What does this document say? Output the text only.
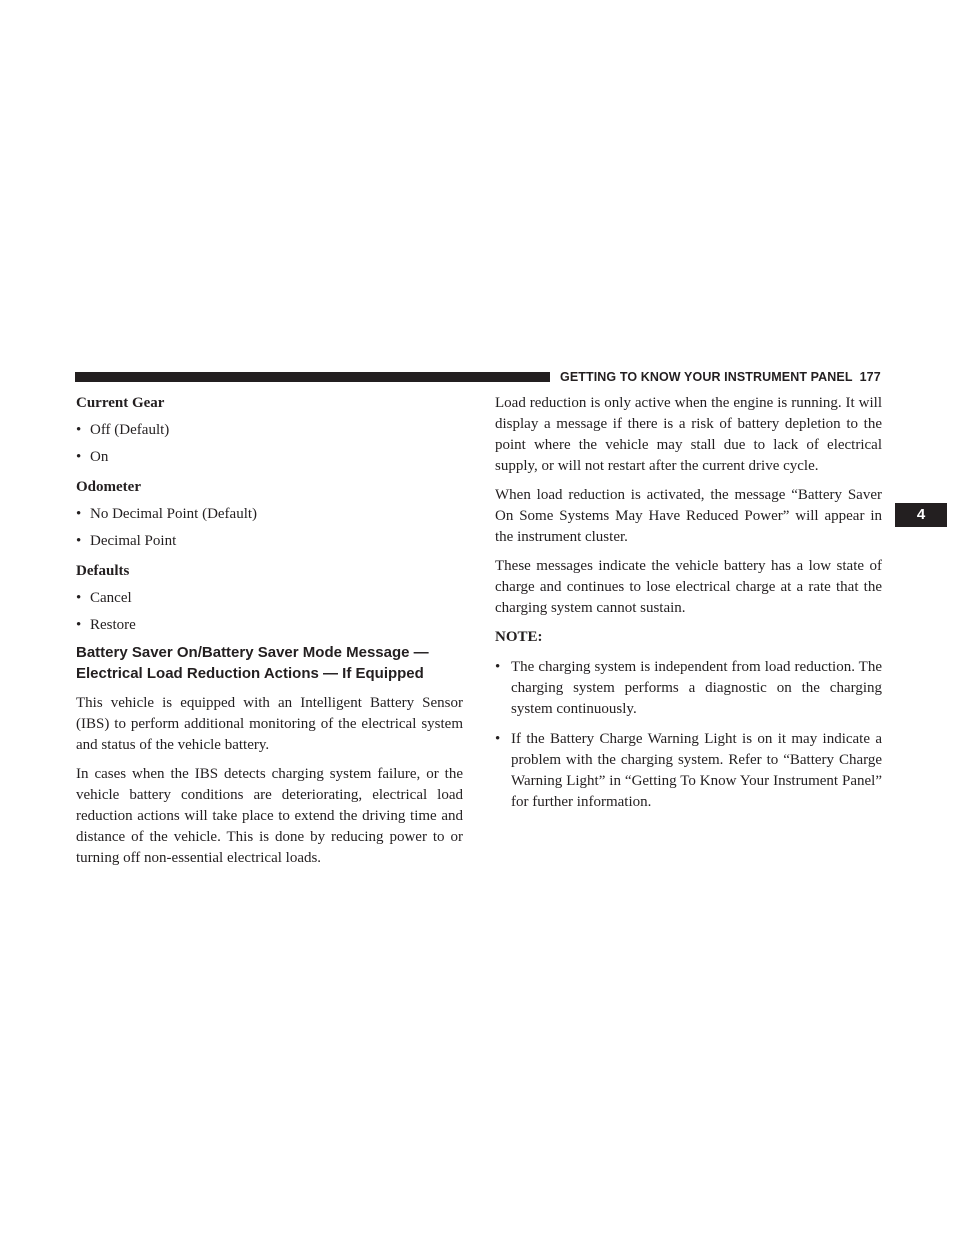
GETTING TO KNOW YOUR INSTRUMENT PANEL 177
4

Current Gear

• Off (Default)
• On

Odometer

• No Decimal Point (Default)
• Decimal Point

Defaults

• Cancel
• Restore
Battery Saver On/Battery Saver Mode Message —
Electrical Load Reduction Actions — If Equipped

This vehicle is equipped with an Intelligent Battery Sensor (IBS) to perform additional monitoring of the electrical system and status of the vehicle battery.

In cases when the IBS detects charging system failure, or the vehicle battery conditions are deteriorating, electrical load reduction actions will take place to extend the driving time and distance of the vehicle. This is done by reducing power to or turning off non-essential electrical loads.

Load reduction is only active when the engine is running. It will display a message if there is a risk of battery depletion to the point where the vehicle may stall due to lack of electrical supply, or will not restart after the current drive cycle.

When load reduction is activated, the message “Battery Saver On Some Systems May Have Reduced Power” will appear in the instrument cluster.

These messages indicate the vehicle battery has a low state of charge and continues to lose electrical charge at a rate that the charging system cannot sustain.

NOTE:

• The charging system is independent from load reduction. The charging system performs a diagnostic on the charging system continuously.
• If the Battery Charge Warning Light is on it may indicate a problem with the charging system. Refer to “Battery Charge Warning Light” in “Getting To Know Your Instrument Panel” for further information.
